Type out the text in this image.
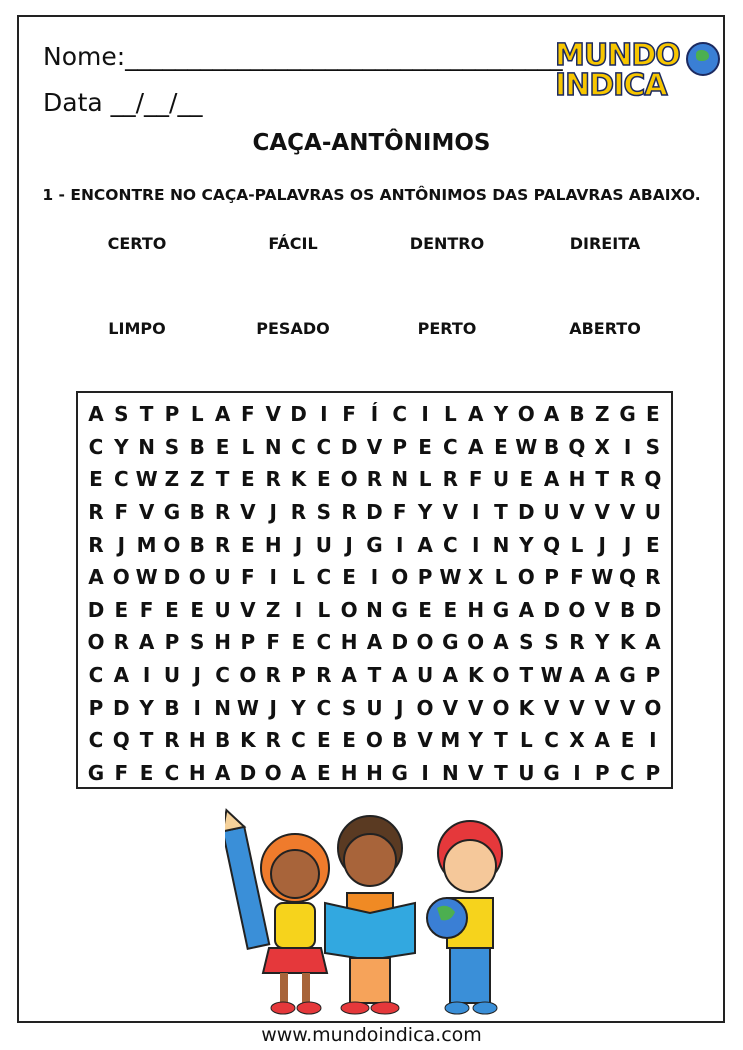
Nome:___________________________________
Data __/__/__
MUNDO
INDICA
CAÇA-ANTÔNIMOS
1 - ENCONTRE NO CAÇA-PALAVRAS OS ANTÔNIMOS DAS PALAVRAS ABAIXO.
CERTO	FÁCIL	DENTRO	DIREITA
LIMPO	PESADO	PERTO	ABERTO
A S T P L A F V D I F Í C I L A Y O A B Z G E
C Y N S B E L N C C D V P E C A E W B Q X I S
E C W Z Z T E R K E O R N L R F U E A H T R Q
R F V G B R V J R S R D F Y V I T D U V V V U
R J M O B R E H J U J G I A C I N Y Q L J J E
A O W D O U F I L C E I O P W X L O P F W Q R
D E F E E U V Z I L O N G E E H G A D O V B D
O R A P S H P F E C H A D O G O A S S R Y K A
C A I U J C O R P R A T A U A K O T W A A G P
P D Y B I N W J Y C S U J O V V O K V V V V O
C Q T R H B K R C E E O B V M Y T L C X A E I
G F E C H A D O A E H H G I N V T U G I P C P
www.mundoindica.com
